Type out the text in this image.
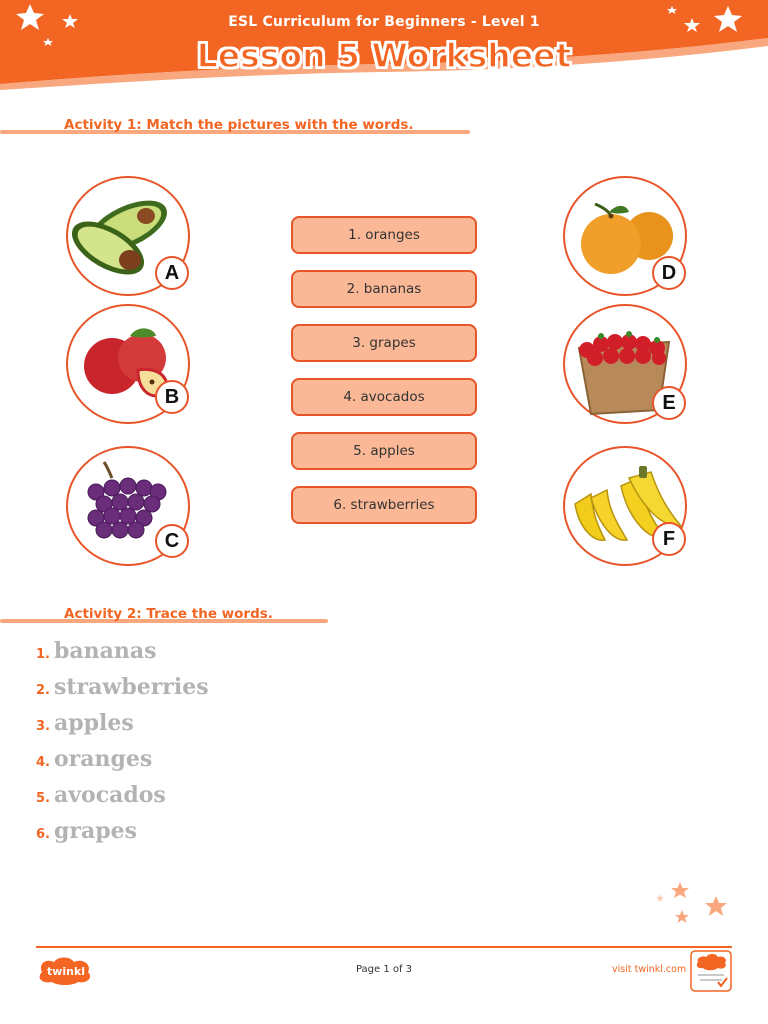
ESL Curriculum for Beginners - Level 1
Lesson 5 Worksheet
Activity 1: Match the pictures with the words.
A
B
C
D
E
F
1. oranges
2. bananas
3. grapes
4. avocados
5. apples
6. strawberries
Activity 2: Trace the words.
1. bananas
2. strawberries
3. apples
4. oranges
5. avocados
6. grapes
twinkl	Page 1 of 3	visit twinkl.com
